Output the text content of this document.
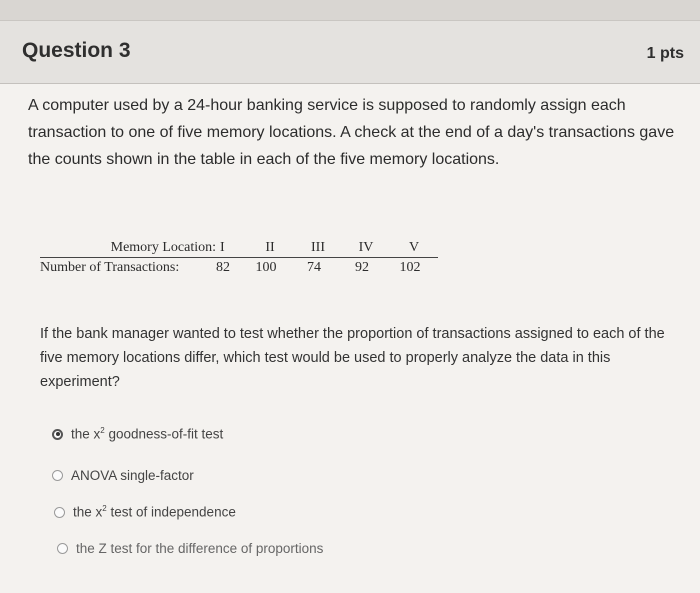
Question 3	1 pts

A computer used by a 24-hour banking service is supposed to randomly assign each transaction to one of five memory locations. A check at the end of a day's transactions gave the counts shown in the table in each of the five memory locations.

Memory Location: I	II	III	IV	V
Number of Transactions:	82	100	74	92	102
If the bank manager wanted to test whether the proportion of transactions assigned to each of the five memory locations differ, which test would be used to properly analyze the data in this experiment?
the $x^2$ goodness-of-fit test
ANOVA single-factor
the $x^2$ test of independence
the Z test for the difference of proportions
